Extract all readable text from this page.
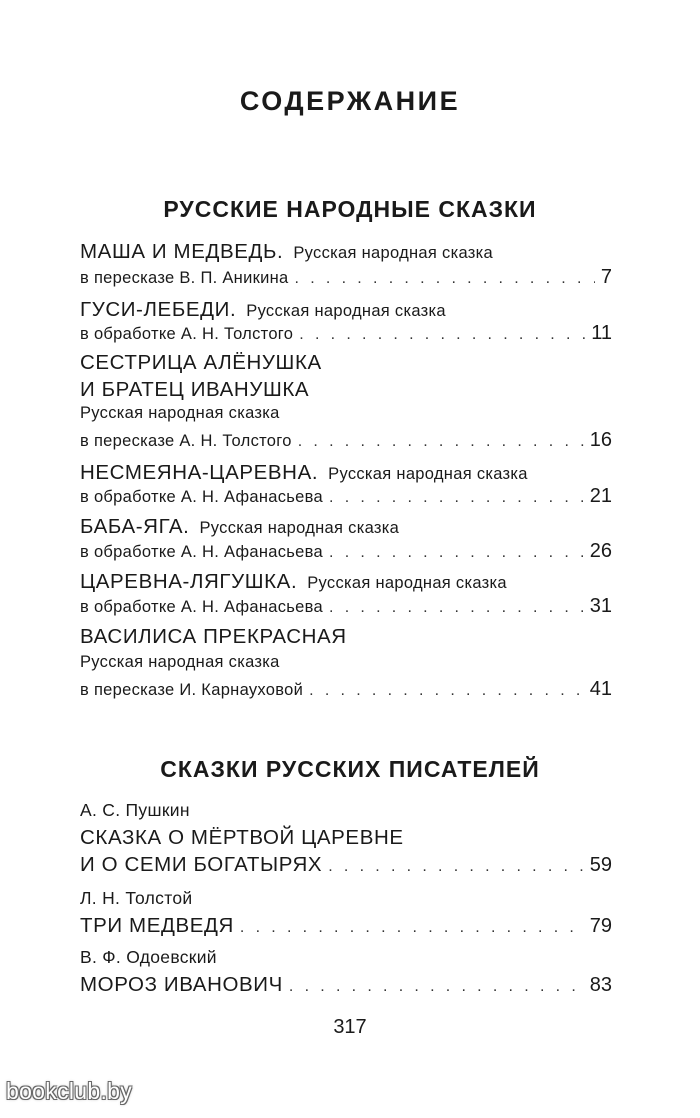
СОДЕРЖАНИЕ
РУССКИЕ НАРОДНЫЕ СКАЗКИ
МАША И МЕДВЕДЬ. Русская народная сказка
в пересказе В. П. Аникина . . .	7
ГУСИ-ЛЕБЕДИ. Русская народная сказка
в обработке А. Н. Толстого . . .	11
СЕСТРИЦА АЛЁНУШКА
И БРАТЕЦ ИВАНУШКА
Русская народная сказка
в пересказе А. Н. Толстого . . .	16
НЕСМЕЯНА-ЦАРЕВНА. Русская народная сказка
в обработке А. Н. Афанасьева . . .	21
БАБА-ЯГА. Русская народная сказка
в обработке А. Н. Афанасьева . . .	26
ЦАРЕВНА-ЛЯГУШКА. Русская народная сказка
в обработке А. Н. Афанасьева . . .	31
ВАСИЛИСА ПРЕКРАСНАЯ
Русская народная сказка
в пересказе И. Карнауховой . . .	41
СКАЗКИ РУССКИХ ПИСАТЕЛЕЙ
А. С. Пушкин
СКАЗКА О МЁРТВОЙ ЦАРЕВНЕ
И О СЕМИ БОГАТЫРЯХ . . .	59
Л. Н. Толстой
ТРИ МЕДВЕДЯ . . .	79
В. Ф. Одоевский
МОРОЗ ИВАНОВИЧ . . .	83
317
bookclub.by
